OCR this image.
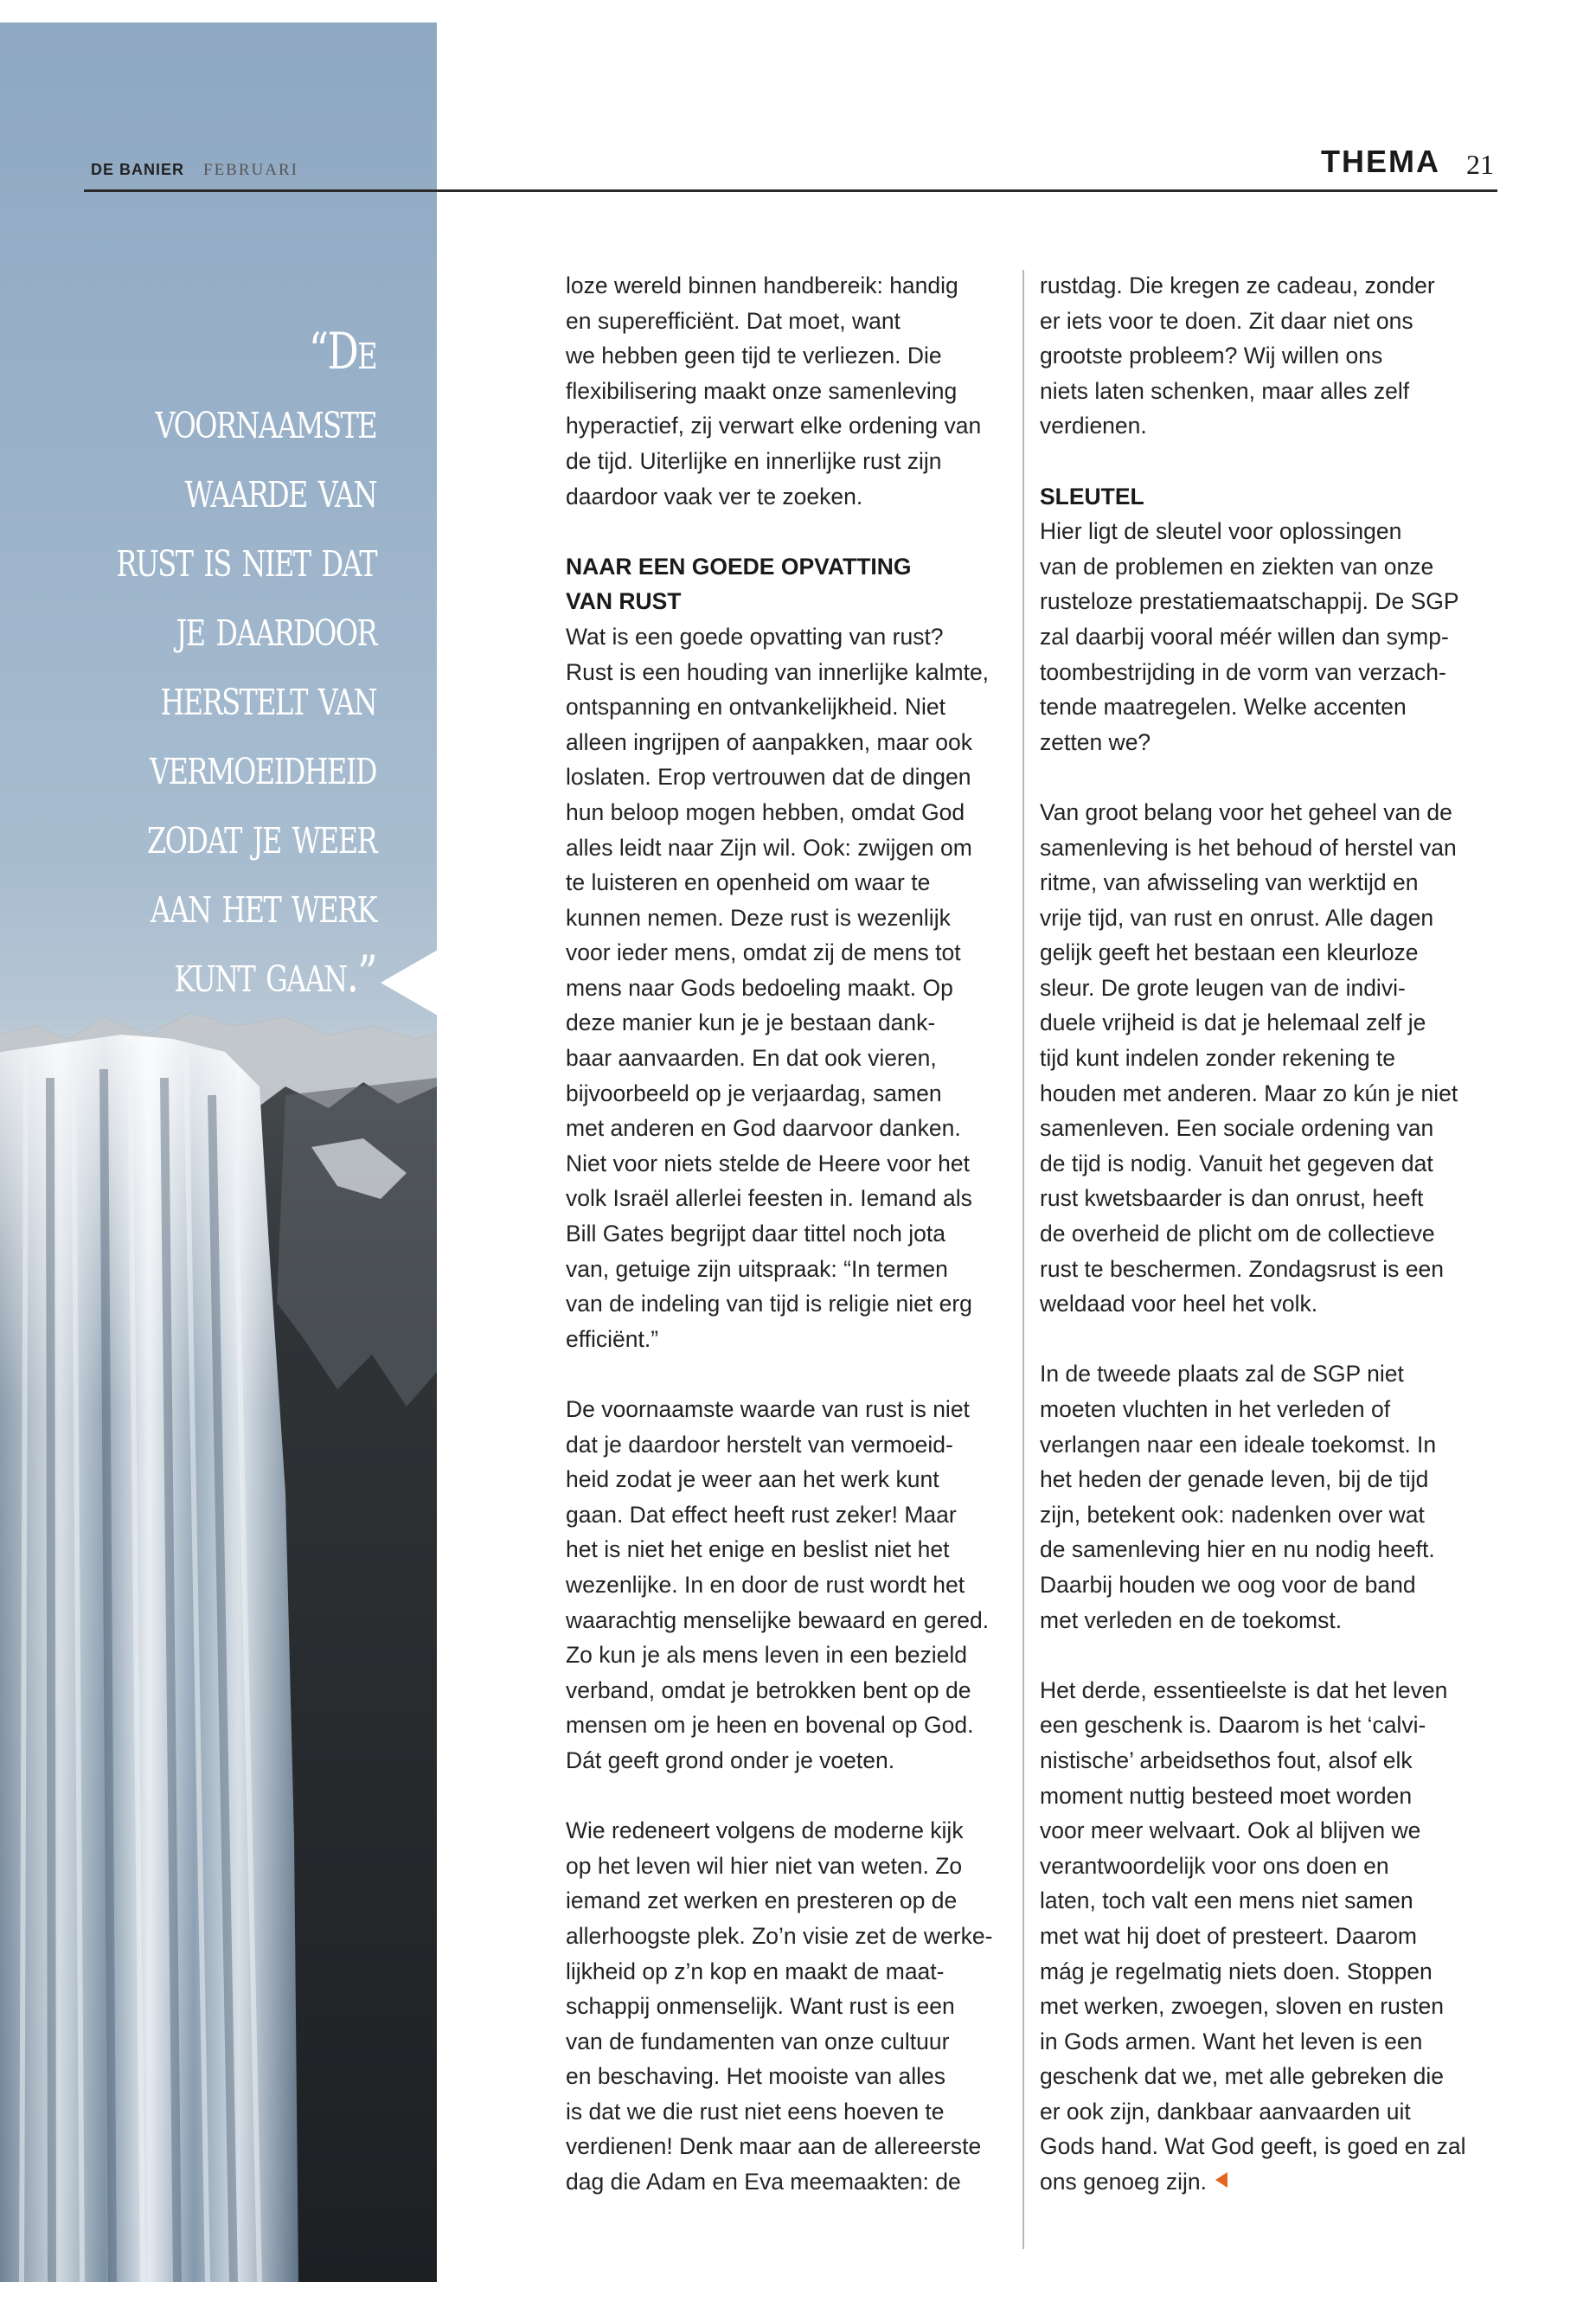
“De voornaamste
waarde van
rust is niet dat
je daardoor
herstelt van
vermoeidheid
zodat je weer
aan het werk
kunt gaan.”
DE BANIER FEBRUARI	THEMA 21
loze wereld binnen handbereik: handig
en superefficiënt. Dat moet, want
we hebben geen tijd te verliezen. Die
flexibilisering maakt onze samenleving
hyperactief, zij verwart elke ordening van
de tijd. Uiterlijke en innerlijke rust zijn
daardoor vaak ver te zoeken.
NAAR EEN GOEDE OPVATTING
VAN RUST
Wat is een goede opvatting van rust?
Rust is een houding van innerlijke kalmte,
ontspanning en ontvankelijkheid. Niet
alleen ingrijpen of aanpakken, maar ook
loslaten. Erop vertrouwen dat de dingen
hun beloop mogen hebben, omdat God
alles leidt naar Zijn wil. Ook: zwijgen om
te luisteren en openheid om waar te
kunnen nemen. Deze rust is wezenlijk
voor ieder mens, omdat zij de mens tot
mens naar Gods bedoeling maakt. Op
deze manier kun je je bestaan dank-
baar aanvaarden. En dat ook vieren,
bijvoorbeeld op je verjaardag, samen
met anderen en God daarvoor danken.
Niet voor niets stelde de Heere voor het
volk Israël allerlei feesten in. Iemand als
Bill Gates begrijpt daar tittel noch jota
van, getuige zijn uitspraak: “In termen
van de indeling van tijd is religie niet erg
efficiënt.”
De voornaamste waarde van rust is niet
dat je daardoor herstelt van vermoeid-
heid zodat je weer aan het werk kunt
gaan. Dat effect heeft rust zeker! Maar
het is niet het enige en beslist niet het
wezenlijke. In en door de rust wordt het
waarachtig menselijke bewaard en gered.
Zo kun je als mens leven in een bezield
verband, omdat je betrokken bent op de
mensen om je heen en bovenal op God.
Dát geeft grond onder je voeten.
Wie redeneert volgens de moderne kijk
op het leven wil hier niet van weten. Zo
iemand zet werken en presteren op de
allerhoogste plek. Zo’n visie zet de werke-
lijkheid op z’n kop en maakt de maat-
schappij onmenselijk. Want rust is een
van de fundamenten van onze cultuur
en beschaving. Het mooiste van alles
is dat we die rust niet eens hoeven te
verdienen! Denk maar aan de allereerste
dag die Adam en Eva meemaakten: de
rustdag. Die kregen ze cadeau, zonder
er iets voor te doen. Zit daar niet ons
grootste probleem? Wij willen ons
niets laten schenken, maar alles zelf
verdienen.
SLEUTEL
Hier ligt de sleutel voor oplossingen
van de problemen en ziekten van onze
rusteloze prestatiemaatschappij. De SGP
zal daarbij vooral méér willen dan symp-
toombestrijding in de vorm van verzach-
tende maatregelen. Welke accenten
zetten we?
Van groot belang voor het geheel van de
samenleving is het behoud of herstel van
ritme, van afwisseling van werktijd en
vrije tijd, van rust en onrust. Alle dagen
gelijk geeft het bestaan een kleurloze
sleur. De grote leugen van de indivi-
duele vrijheid is dat je helemaal zelf je
tijd kunt indelen zonder rekening te
houden met anderen. Maar zo kún je niet
samenleven. Een sociale ordening van
de tijd is nodig. Vanuit het gegeven dat
rust kwetsbaarder is dan onrust, heeft
de overheid de plicht om de collectieve
rust te beschermen. Zondagsrust is een
weldaad voor heel het volk.
In de tweede plaats zal de SGP niet
moeten vluchten in het verleden of
verlangen naar een ideale toekomst. In
het heden der genade leven, bij de tijd
zijn, betekent ook: nadenken over wat
de samenleving hier en nu nodig heeft.
Daarbij houden we oog voor de band
met verleden en de toekomst.
Het derde, essentieelste is dat het leven
een geschenk is. Daarom is het ‘calvi-
nistische’ arbeidsethos fout, alsof elk
moment nuttig besteed moet worden
voor meer welvaart. Ook al blijven we
verantwoordelijk voor ons doen en
laten, toch valt een mens niet samen
met wat hij doet of presteert. Daarom
mág je regelmatig niets doen. Stoppen
met werken, zwoegen, sloven en rusten
in Gods armen. Want het leven is een
geschenk dat we, met alle gebreken die
er ook zijn, dankbaar aanvaarden uit
Gods hand. Wat God geeft, is goed en zal
ons genoeg zijn.
